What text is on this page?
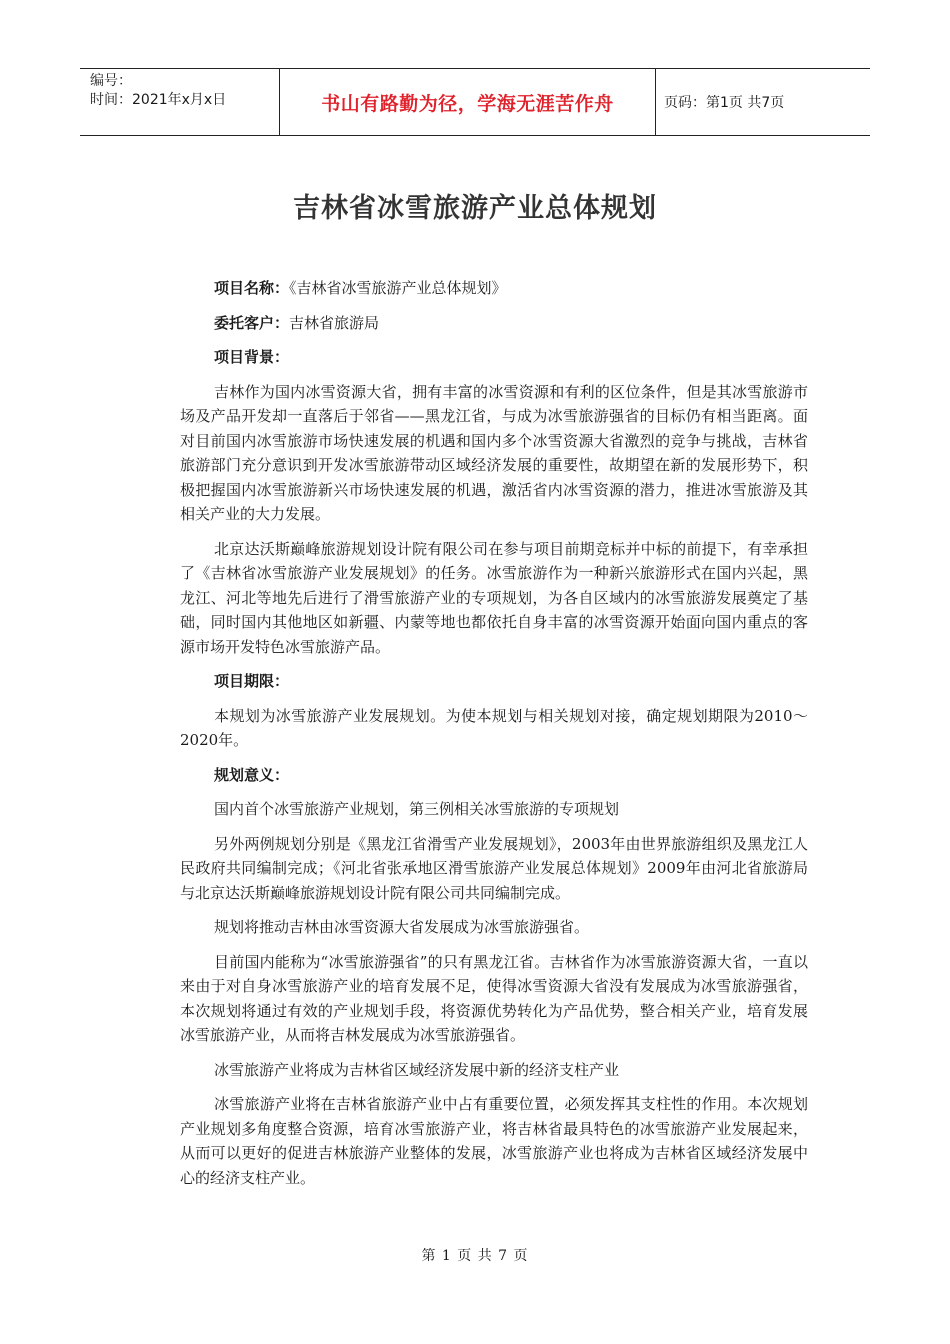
编号：
时间：2021年x月x日	书山有路勤为径，学海无涯苦作舟	页码：第1页 共7页
吉林省冰雪旅游产业总体规划

项目名称：《吉林省冰雪旅游产业总体规划》

委托客户：吉林省旅游局

项目背景：

吉林作为国内冰雪资源大省，拥有丰富的冰雪资源和有利的区位条件，但是其冰雪旅游市场及产品开发却一直落后于邻省——黑龙江省，与成为冰雪旅游强省的目标仍有相当距离。面对目前国内冰雪旅游市场快速发展的机遇和国内多个冰雪资源大省激烈的竞争与挑战，吉林省旅游部门充分意识到开发冰雪旅游带动区域经济发展的重要性，故期望在新的发展形势下，积极把握国内冰雪旅游新兴市场快速发展的机遇，激活省内冰雪资源的潜力，推进冰雪旅游及其相关产业的大力发展。

北京达沃斯巅峰旅游规划设计院有限公司在参与项目前期竞标并中标的前提下，有幸承担了《吉林省冰雪旅游产业发展规划》的任务。冰雪旅游作为一种新兴旅游形式在国内兴起，黑龙江、河北等地先后进行了滑雪旅游产业的专项规划，为各自区域内的冰雪旅游发展奠定了基础，同时国内其他地区如新疆、内蒙等地也都依托自身丰富的冰雪资源开始面向国内重点的客源市场开发特色冰雪旅游产品。

项目期限：

本规划为冰雪旅游产业发展规划。为使本规划与相关规划对接，确定规划期限为2010～2020年。

规划意义：

国内首个冰雪旅游产业规划，第三例相关冰雪旅游的专项规划

另外两例规划分别是《黑龙江省滑雪产业发展规划》，2003年由世界旅游组织及黑龙江人民政府共同编制完成；《河北省张承地区滑雪旅游产业发展总体规划》2009年由河北省旅游局与北京达沃斯巅峰旅游规划设计院有限公司共同编制完成。

规划将推动吉林由冰雪资源大省发展成为冰雪旅游强省。

目前国内能称为“冰雪旅游强省”的只有黑龙江省。吉林省作为冰雪旅游资源大省，一直以来由于对自身冰雪旅游产业的培育发展不足，使得冰雪资源大省没有发展成为冰雪旅游强省，本次规划将通过有效的产业规划手段，将资源优势转化为产品优势，整合相关产业，培育发展冰雪旅游产业，从而将吉林发展成为冰雪旅游强省。

冰雪旅游产业将成为吉林省区域经济发展中新的经济支柱产业

冰雪旅游产业将在吉林省旅游产业中占有重要位置，必须发挥其支柱性的作用。本次规划产业规划多角度整合资源，培育冰雪旅游产业，将吉林省最具特色的冰雪旅游产业发展起来，从而可以更好的促进吉林旅游产业整体的发展，冰雪旅游产业也将成为吉林省区域经济发展中心的经济支柱产业。

第 1 页 共 7 页
